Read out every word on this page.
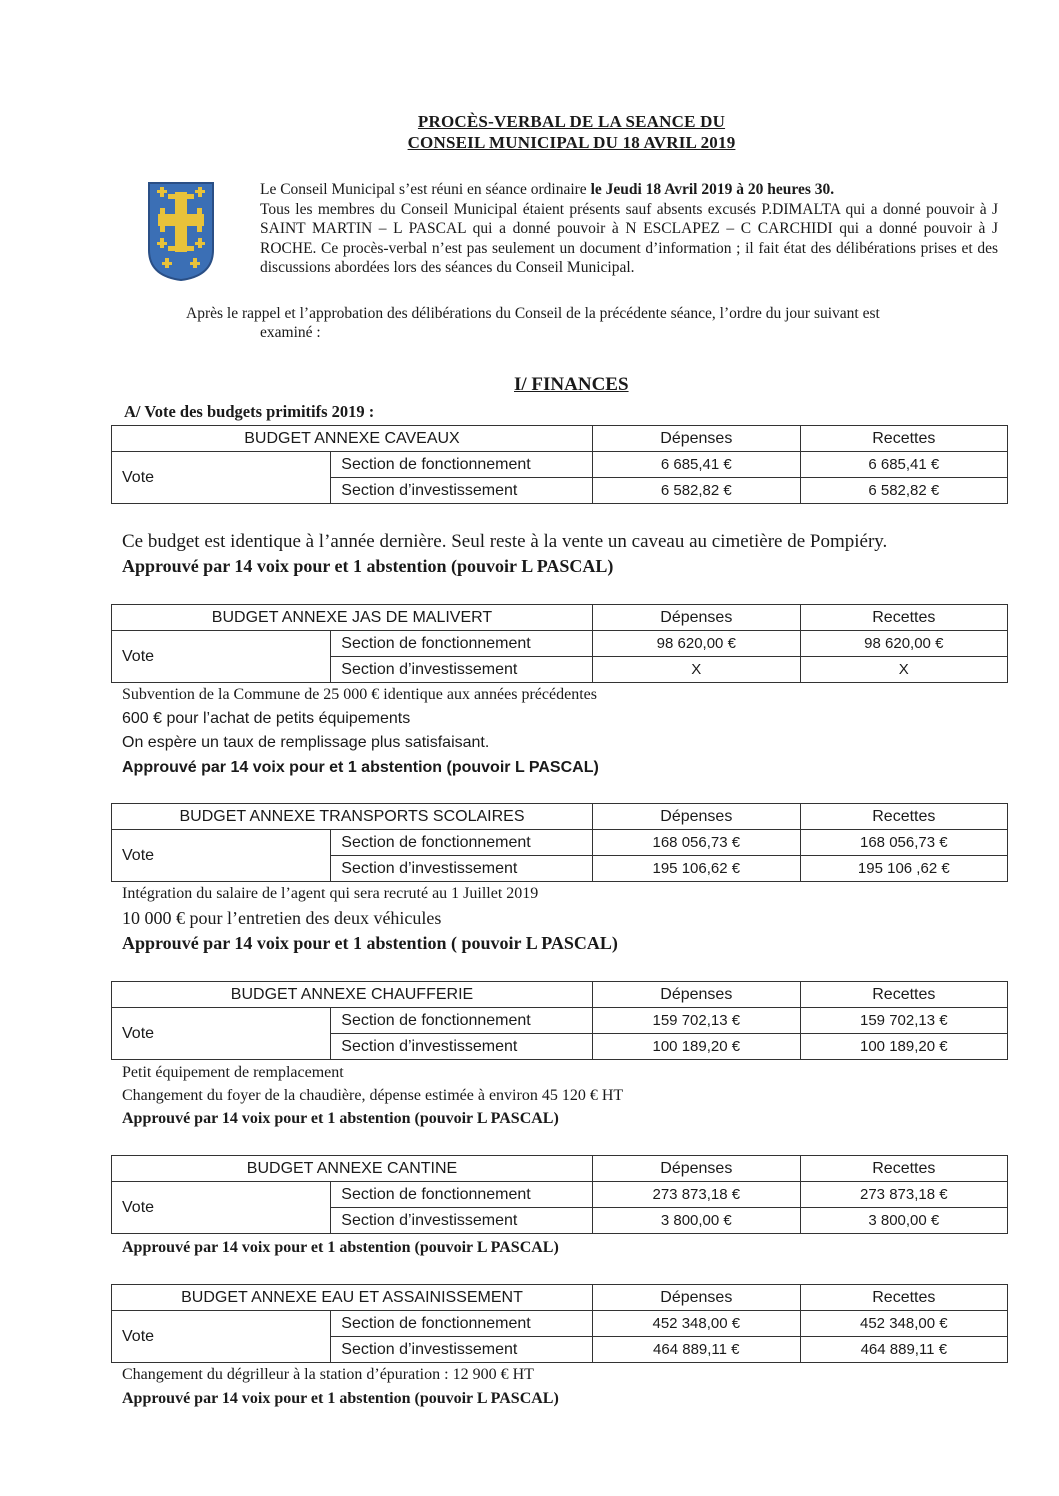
PROCÈS-VERBAL DE LA SEANCE DU
CONSEIL MUNICIPAL DU 18 AVRIL 2019

Le Conseil Municipal s’est réuni en séance ordinaire le Jeudi 18 Avril 2019 à 20 heures 30.

Tous les membres du Conseil Municipal étaient présents sauf absents excusés P.DIMALTA qui a donné pouvoir à J SAINT MARTIN – L PASCAL qui a donné pouvoir à N ESCLAPEZ – C CARCHIDI qui a donné pouvoir à J ROCHE. Ce procès-verbal n’est pas seulement un document d’information ; il fait état des délibérations prises et des discussions abordées lors des séances du Conseil Municipal.

Après le rappel et l’approbation des délibérations du Conseil de la précédente séance, l’ordre du jour suivant est
examiné :
I/ FINANCES
A/ Vote des budgets primitifs 2019 :
BUDGET ANNEXE CAVEAUX		Dépenses	Recettes
Vote	Section de fonctionnement	6 685,41 €	6 685,41 €
	Section d’investissement	6 582,82 €	6 582,82 €
Ce budget est identique à l’année dernière. Seul reste à la vente un caveau au cimetière de Pompiéry.
Approuvé par 14 voix pour et 1 abstention (pouvoir L PASCAL)
BUDGET ANNEXE JAS DE MALIVERT		Dépenses	Recettes
Vote	Section de fonctionnement	98 620,00 €	98 620,00 €
	Section d’investissement	X	X
Subvention de la Commune de 25 000 € identique aux années précédentes
600 € pour l’achat de petits équipements
On espère un taux de remplissage plus satisfaisant.
Approuvé par 14 voix pour et 1 abstention (pouvoir L PASCAL)
BUDGET ANNEXE TRANSPORTS SCOLAIRES		Dépenses	Recettes
Vote	Section de fonctionnement	168 056,73 €	168 056,73 €
	Section d’investissement	195 106,62 €	195 106 ,62 €
Intégration du salaire de l’agent qui sera recruté au 1 Juillet 2019
10 000 € pour l’entretien des deux véhicules
Approuvé par 14 voix pour et 1 abstention ( pouvoir L PASCAL)
BUDGET ANNEXE CHAUFFERIE		Dépenses	Recettes
Vote	Section de fonctionnement	159 702,13 €	159 702,13 €
	Section d’investissement	100 189,20 €	100 189,20 €
Petit équipement de remplacement
Changement du foyer de la chaudière, dépense estimée à environ 45 120 € HT
Approuvé par 14 voix pour et 1 abstention (pouvoir L PASCAL)
BUDGET ANNEXE CANTINE		Dépenses	Recettes
Vote	Section de fonctionnement	273 873,18 €	273 873,18 €
	Section d’investissement	3 800,00 €	3 800,00 €
Approuvé par 14 voix pour et 1 abstention (pouvoir L PASCAL)
BUDGET ANNEXE EAU ET ASSAINISSEMENT		Dépenses	Recettes
Vote	Section de fonctionnement	452 348,00 €	452 348,00 €
	Section d’investissement	464 889,11 €	464 889,11 €
Changement du dégrilleur à la station d’épuration : 12 900 € HT
Approuvé par 14 voix pour et 1 abstention (pouvoir L PASCAL)
